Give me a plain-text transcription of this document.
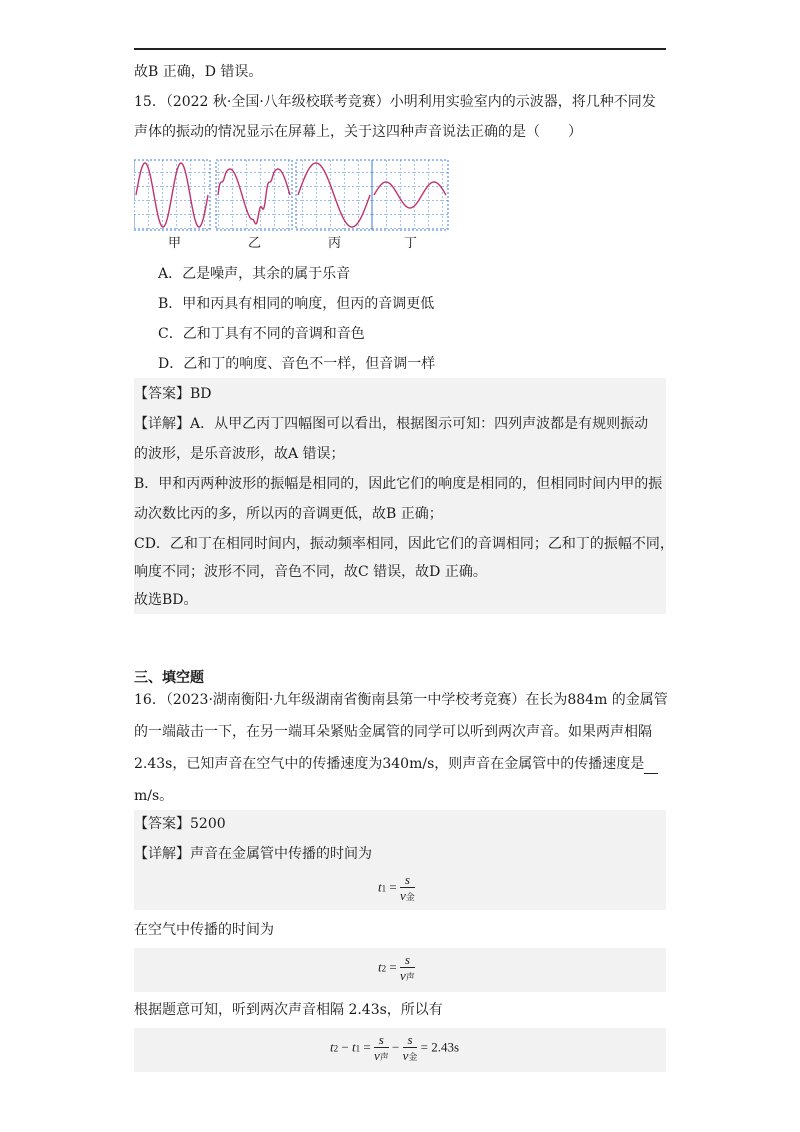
故B 正确，D 错误。
15．（2022 秋·全国·八年级校联考竞赛）小明利用实验室内的示波器，将几种不同发
声体的振动的情况显示在屏幕上，关于这四种声音说法正确的是（　　）
甲	乙	丙	丁
A．乙是噪声，其余的属于乐音
B．甲和丙具有相同的响度，但丙的音调更低
C．乙和丁具有不同的音调和音色
D．乙和丁的响度、音色不一样，但音调一样
【答案】BD
【详解】A．从甲乙丙丁四幅图可以看出，根据图示可知：四列声波都是有规则振动
的波形，是乐音波形，故A 错误；
B．甲和丙两种波形的振幅是相同的，因此它们的响度是相同的，但相同时间内甲的振
动次数比丙的多，所以丙的音调更低，故B 正确；
CD．乙和丁在相同时间内，振动频率相同，因此它们的音调相同；乙和丁的振幅不同，
响度不同；波形不同，音色不同，故C 错误，故D 正确。
故选BD。
三、填空题
16．（2023·湖南衡阳·九年级湖南省衡南县第一中学校考竞赛）在长为884m 的金属管
的一端敲击一下，在另一端耳朵紧贴金属管的同学可以听到两次声音。如果两声相隔
2.43s，已知声音在空气中的传播速度为340m/s，则声音在金属管中的传播速度是
m/s。
【答案】5200
【详解】声音在金属管中传播的时间为
$t1 = \frac{s}{\text{v金}}$
在空气中传播的时间为
$t2 = \frac{s}{\text{v声}}$
根据题意可知，听到两次声音相隔 2.43s，所以有
$t2 - t1 = \frac{s}{\text{v声}} - \frac{s}{\text{v金}} = 2.43s$
